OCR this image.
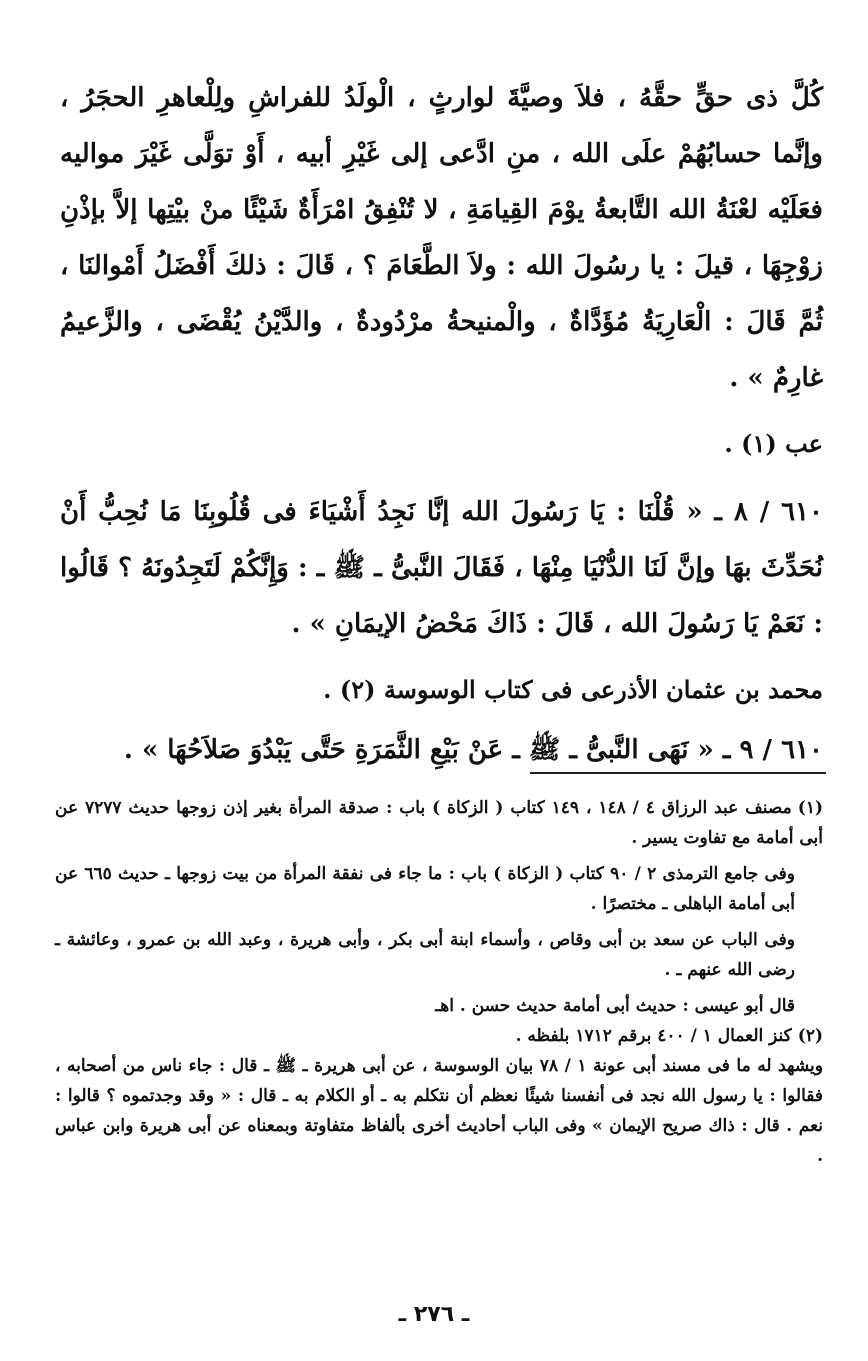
كُلَّ ذى حقٍّ حقَّهُ ، فلاَ وصيَّةَ لوارثٍ ، الْولَدُ للفراشِ ولِلْعاهرِ الحجَرُ ، وإنَّما حسابُهُمْ علَى الله ، منِ ادَّعى إلى غَيْرِ أبيه ، أَوْ توَلَّى غَيْرَ مواليه فعَلَيْه لعْنَةُ الله التَّابعةُ يوْمَ القِيامَةِ ، لا تُنْفِقُ امْرَأَةٌ شَيْئًا منْ بيْتِها إلاَّ بإذْنِ زوْجِهَا ، قيلَ : يا رسُولَ الله : ولاَ الطَّعَامَ ؟ ، قَالَ : ذلكَ أَفْضَلُ أَمْوالنَا ، ثُمَّ قَالَ : الْعَارِيَةُ مُؤَدَّاةٌ ، والْمنيحةُ مرْدُودةٌ ، والدَّيْنُ يُقْضَى ، والزَّعيمُ غارِمٌ » .

عب (١) .

٦١٠ / ٨ ـ « قُلْنَا : يَا رَسُولَ الله إنَّا نَجِدُ أَشْيَاءَ فى قُلُوبِنَا مَا نُحِبُّ أَنْ نُحَدِّثَ بهَا وإنَّ لَنَا الدُّنْيَا مِنْهَا ، فَقَالَ النَّبىُّ ـ ﷺ ـ : وَإِنَّكُمْ لَتَجِدُونَهُ ؟ قَالُوا : نَعَمْ يَا رَسُولَ الله ، قَالَ : ذَاكَ مَحْضُ الإيمَانِ » .

محمد بن عثمان الأذرعى فى كتاب الوسوسة (٢) .

٦١٠ / ٩ ـ « نَهَى النَّبىُّ ـ ﷺ ـ عَنْ بَيْعِ الثَّمَرَةِ حَتَّى يَبْدُوَ صَلاَحُهَا » .

(١)مصنف عبد الرزاق ٤ / ١٤٨ ، ١٤٩ كتاب ( الزكاة ) باب : صدقة المرأة بغير إذن زوجها حديث ٧٢٧٧ عن أبى أمامة مع تفاوت يسير .

وفى جامع الترمذى ٢ / ٩٠ كتاب ( الزكاة ) باب : ما جاء فى نفقة المرأة من بيت زوجها ـ حديث ٦٦٥ عن أبى أمامة الباهلى ـ مختصرًا .

وفى الباب عن سعد بن أبى وقاص ، وأسماء ابنة أبى بكر ، وأبى هريرة ، وعبد الله بن عمرو ، وعائشة ـ رضى الله عنهم ـ .

قال أبو عيسى : حديث أبى أمامة حديث حسن . اهـ

(٢)كنز العمال ١ / ٤٠٠ برقم ١٧١٢ بلفظه .

ويشهد له ما فى مسند أبى عونة ١ / ٧٨ بيان الوسوسة ، عن أبى هريرة ـ ﷺ ـ قال : جاء ناس من أصحابه ، فقالوا : يا رسول الله نجد فى أنفسنا شيئًا نعظم أن نتكلم به ـ أو الكلام به ـ قال : « وقد وجدتموه ؟ قالوا : نعم . قال : ذاك صريح الإيمان » وفى الباب أحاديث أخرى بألفاظ متفاوتة وبمعناه عن أبى هريرة وابن عباس .

ـ ٢٧٦ ـ
